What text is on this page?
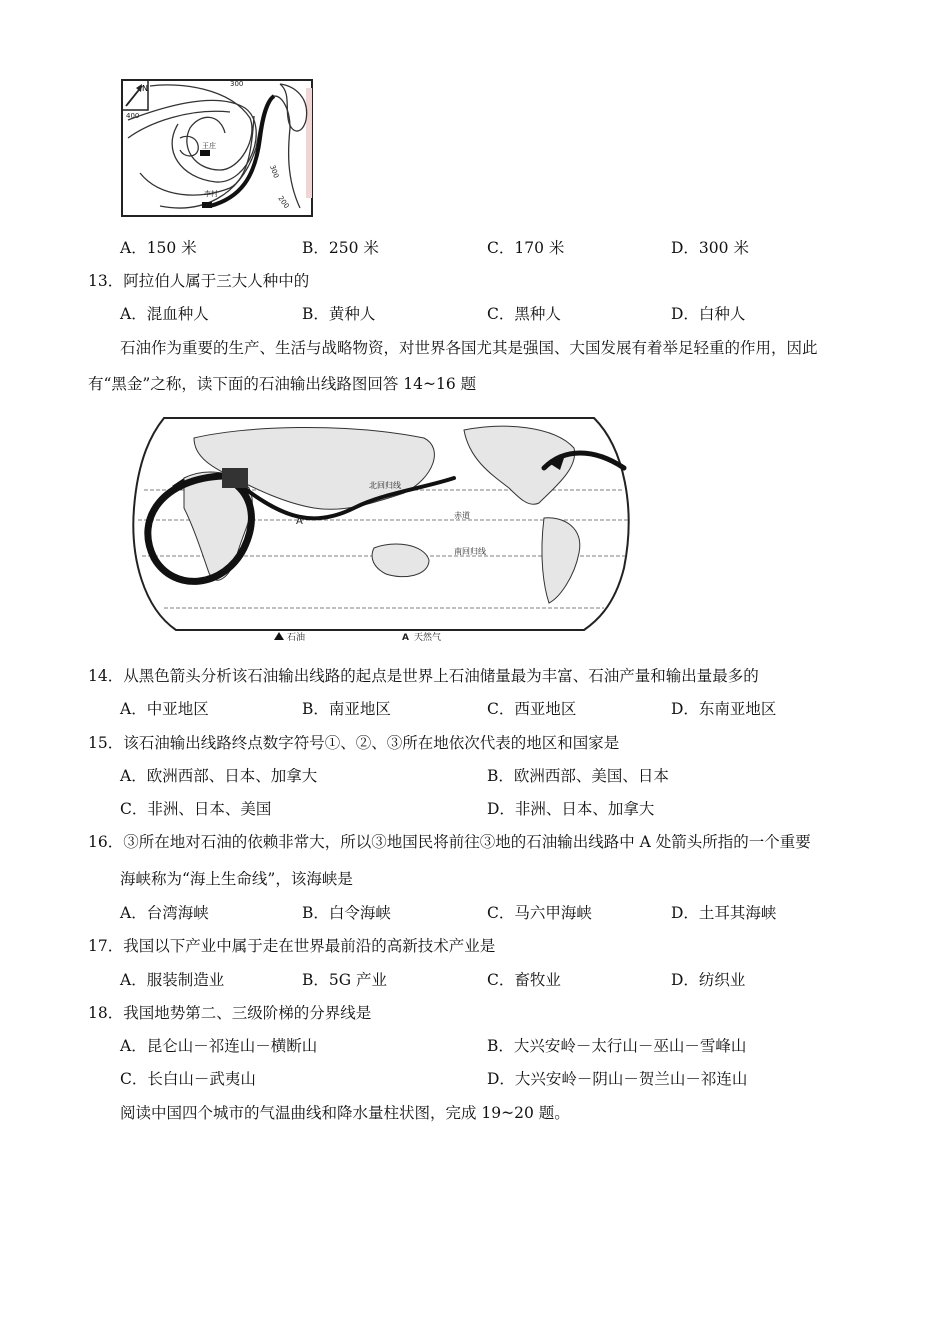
N
400
300
200
300
王庄
李村
A．150 米	B．250 米	C．170 米	D．300 米
13．阿拉伯人属于三大人种中的
A．混血种人	B．黄种人	C．黑种人	D．白种人
石油作为重要的生产、生活与战略物资，对世界各国尤其是强国、大国发展有着举足轻重的作用，因此
有“黑金”之称，读下面的石油输出线路图回答 14~16 题
北回归线
赤道
南回归线
A
石油	A 天然气
14．从黑色箭头分析该石油输出线路的起点是世界上石油储量最为丰富、石油产量和输出量最多的
A．中亚地区	B．南亚地区	C．西亚地区	D．东南亚地区
15．该石油输出线路终点数字符号①、②、③所在地依次代表的地区和国家是
A．欧洲西部、日本、加拿大	B．欧洲西部、美国、日本
C．非洲、日本、美国	D．非洲、日本、加拿大
16．③所在地对石油的依赖非常大，所以③地国民将前往③地的石油输出线路中 A 处箭头所指的一个重要
海峡称为“海上生命线”，该海峡是
A．台湾海峡	B．白令海峡	C．马六甲海峡	D．土耳其海峡
17．我国以下产业中属于走在世界最前沿的高新技术产业是
A．服装制造业	B．5G 产业	C．畜牧业	D．纺织业
18．我国地势第二、三级阶梯的分界线是
A．昆仑山－祁连山－横断山	B．大兴安岭－太行山－巫山－雪峰山
C．长白山－武夷山	D．大兴安岭－阴山－贺兰山－祁连山
阅读中国四个城市的气温曲线和降水量柱状图，完成 19~20 题。
